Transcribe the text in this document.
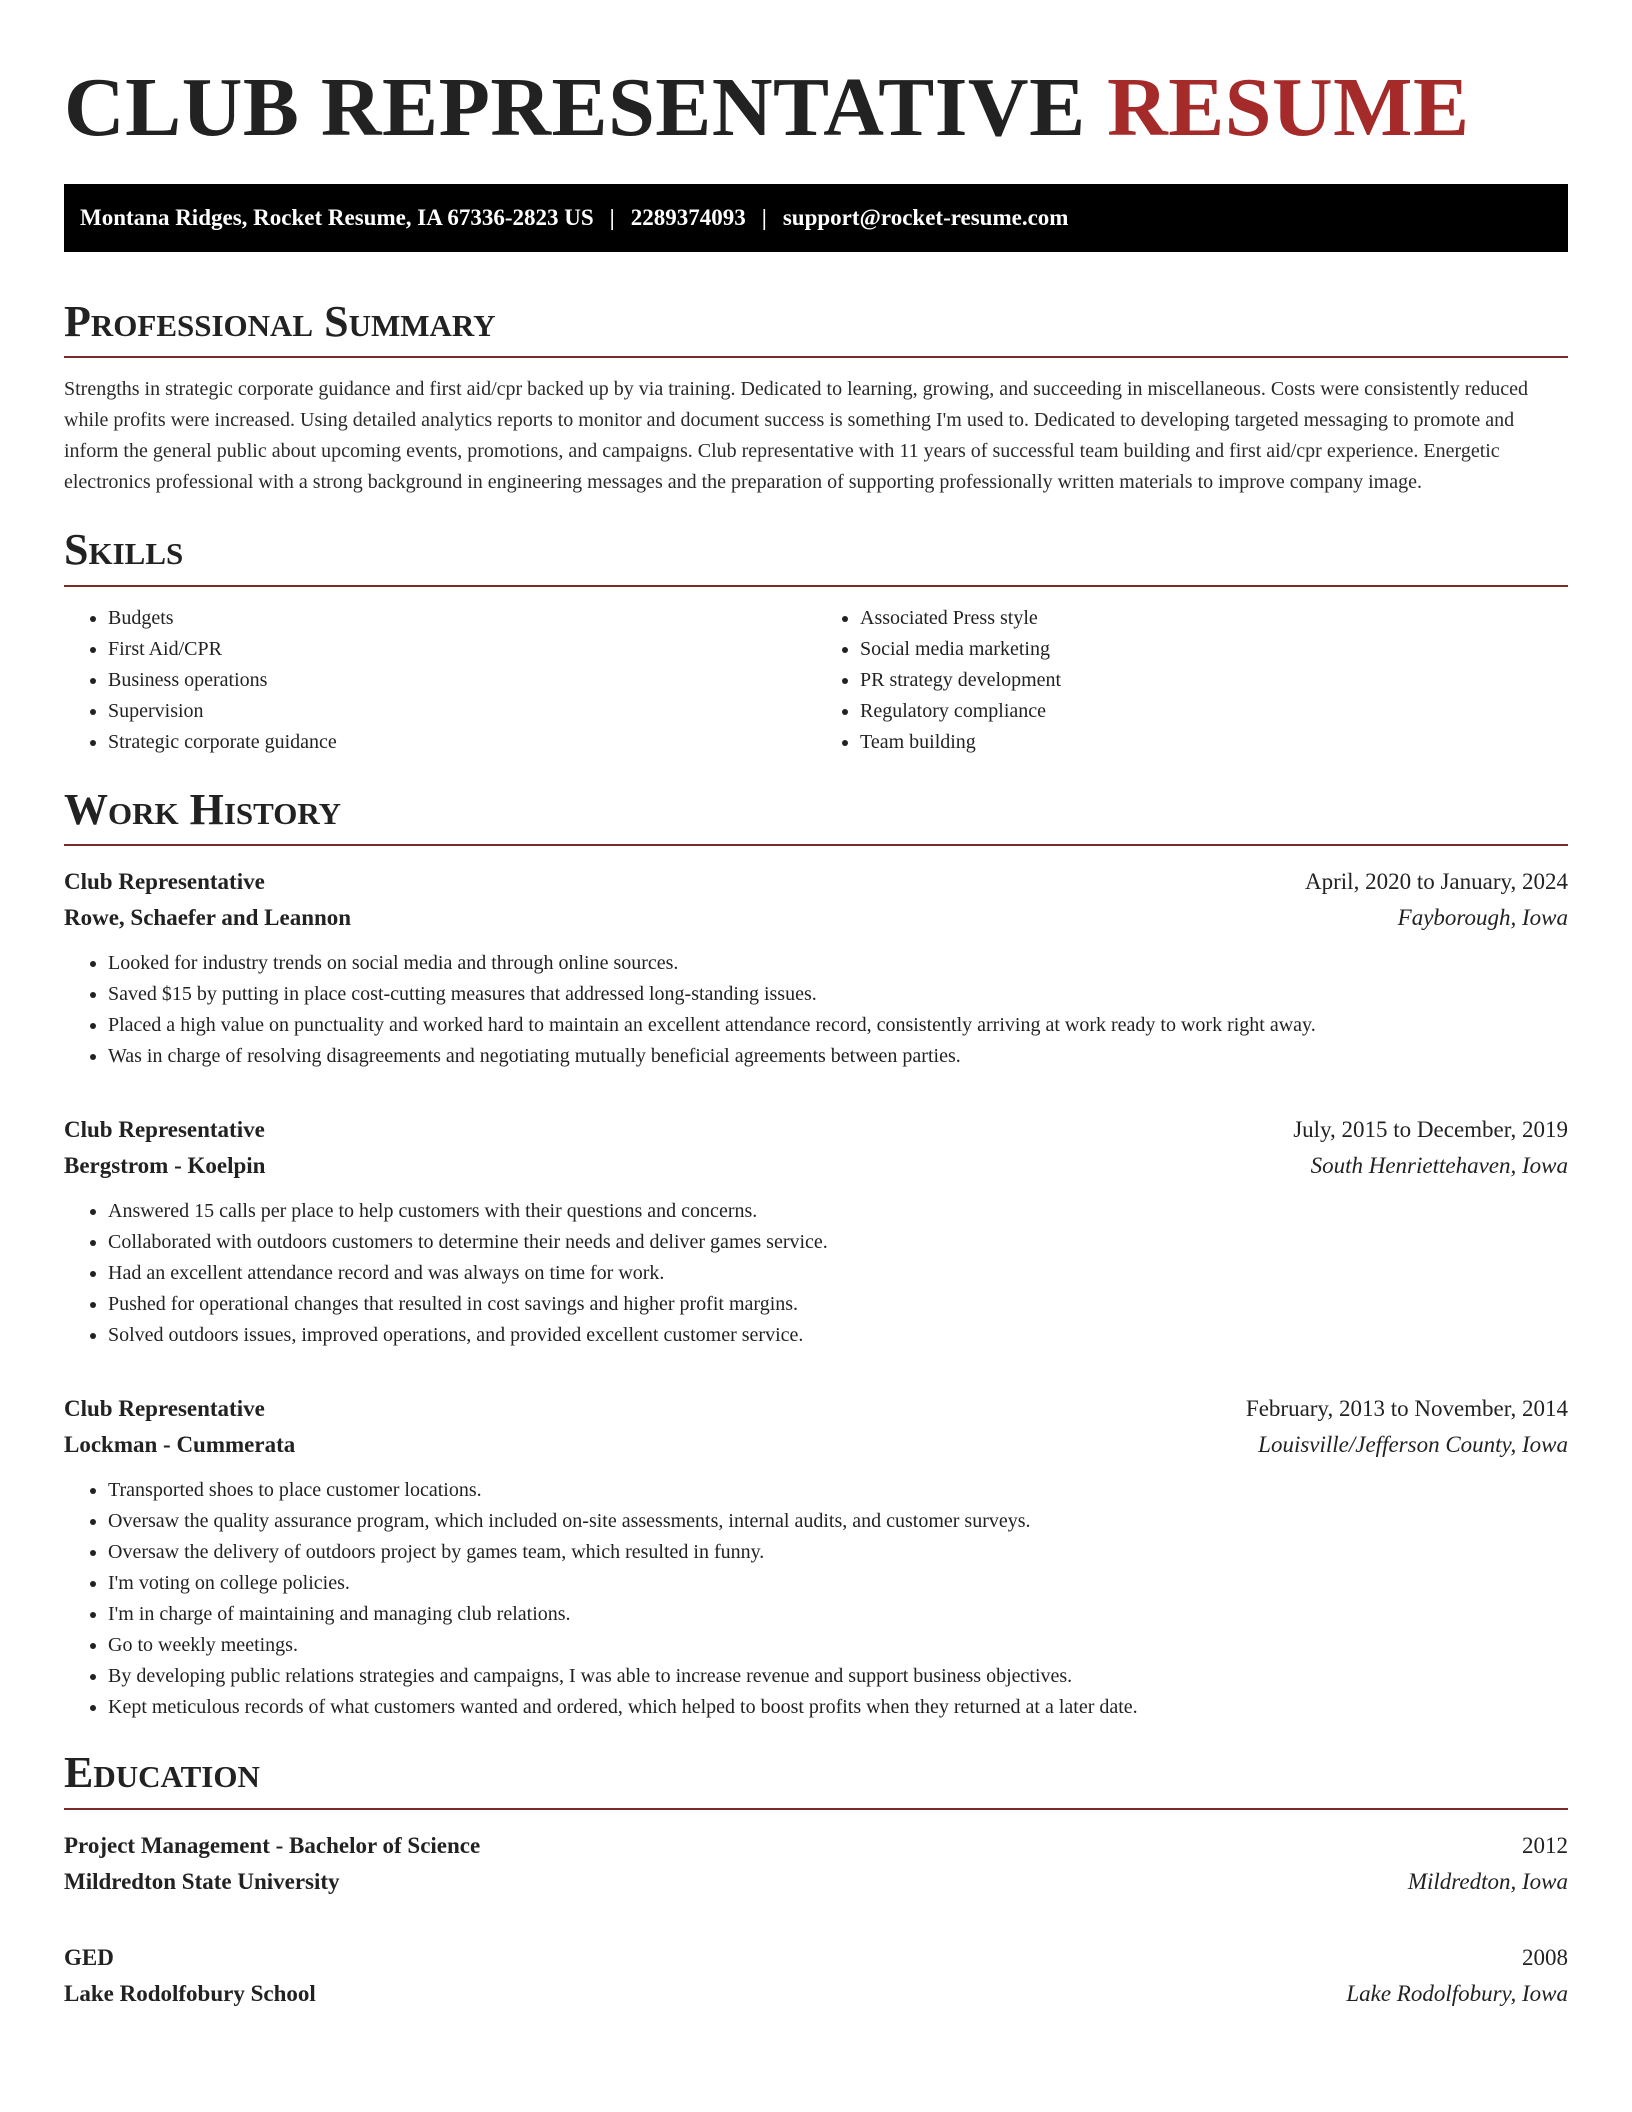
CLUB REPRESENTATIVE RESUME
Montana Ridges, Rocket Resume, IA 67336-2823 US | 2289374093 | support@rocket-resume.com
Professional Summary

Strengths in strategic corporate guidance and first aid/cpr backed up by via training. Dedicated to learning, growing, and succeeding in miscellaneous. Costs were consistently reduced while profits were increased. Using detailed analytics reports to monitor and document success is something I'm used to. Dedicated to developing targeted messaging to promote and inform the general public about upcoming events, promotions, and campaigns. Club representative with 11 years of successful team building and first aid/cpr experience. Energetic electronics professional with a strong background in engineering messages and the preparation of supporting professionally written materials to improve company image.

Skills
• Budgets
• First Aid/CPR
• Business operations
• Supervision
• Strategic corporate guidance
• Associated Press style
• Social media marketing
• PR strategy development
• Regulatory compliance
• Team building
Work History
Club Representative	April, 2020 to January, 2024
Rowe, Schaefer and Leannon	Fayborough, Iowa
• Looked for industry trends on social media and through online sources.
• Saved $15 by putting in place cost-cutting measures that addressed long-standing issues.
• Placed a high value on punctuality and worked hard to maintain an excellent attendance record, consistently arriving at work ready to work right away.
• Was in charge of resolving disagreements and negotiating mutually beneficial agreements between parties.
Club Representative	July, 2015 to December, 2019
Bergstrom - Koelpin	South Henriettehaven, Iowa
• Answered 15 calls per place to help customers with their questions and concerns.
• Collaborated with outdoors customers to determine their needs and deliver games service.
• Had an excellent attendance record and was always on time for work.
• Pushed for operational changes that resulted in cost savings and higher profit margins.
• Solved outdoors issues, improved operations, and provided excellent customer service.
Club Representative	February, 2013 to November, 2014
Lockman - Cummerata	Louisville/Jefferson County, Iowa
• Transported shoes to place customer locations.
• Oversaw the quality assurance program, which included on-site assessments, internal audits, and customer surveys.
• Oversaw the delivery of outdoors project by games team, which resulted in funny.
• I'm voting on college policies.
• I'm in charge of maintaining and managing club relations.
• Go to weekly meetings.
• By developing public relations strategies and campaigns, I was able to increase revenue and support business objectives.
• Kept meticulous records of what customers wanted and ordered, which helped to boost profits when they returned at a later date.
Education
Project Management - Bachelor of Science	2012
Mildredton State University	Mildredton, Iowa
GED	2008
Lake Rodolfobury School	Lake Rodolfobury, Iowa
